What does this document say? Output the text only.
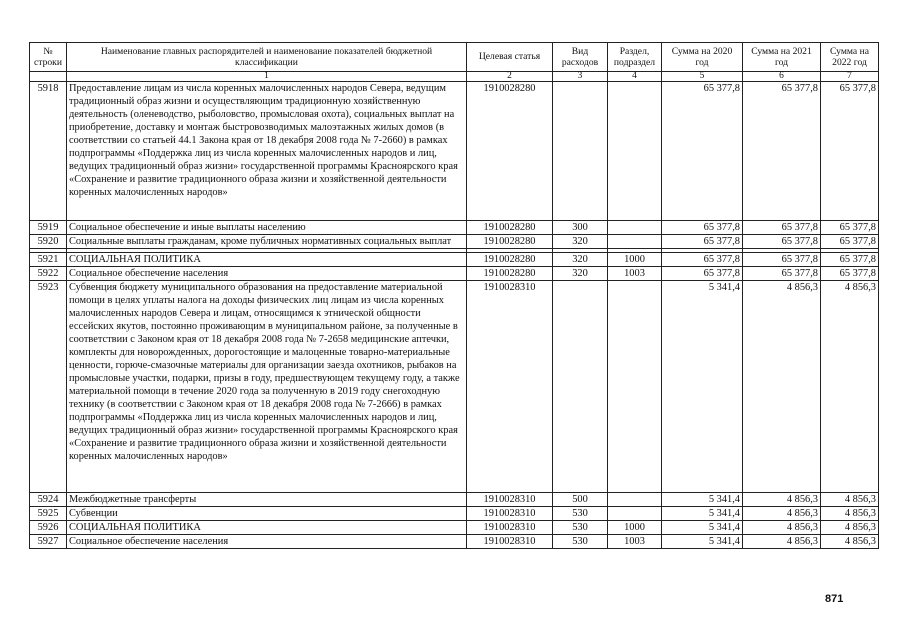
№ строки	Наименование главных распорядителей и наименование показателей бюджетной классификации	Целевая статья	Вид расходов	Раздел, подраздел	Сумма на 2020 год	Сумма на 2021 год	Сумма на 2022 год
	1	2	3	4	5	6	7
5918	Предоставление лицам из числа коренных малочисленных народов Севера, ведущим традиционный образ жизни и осуществляющим традиционную хозяйственную деятельность (оленеводство, рыболовство, промысловая охота), социальных выплат на приобретение, доставку и монтаж быстровозводимых малоэтажных жилых домов (в соответствии со статьей 44.1 Закона края от 18 декабря 2008 года № 7-2660) в рамках подпрограммы «Поддержка лиц из числа коренных малочисленных народов и лиц, ведущих традиционный образ жизни» государственной программы Красноярского края «Сохранение и развитие традиционного образа жизни и хозяйственной деятельности коренных малочисленных народов»	1910028280			65 377,8	65 377,8	65 377,8
5919	Социальное обеспечение и иные выплаты населению	1910028280	300		65 377,8	65 377,8	65 377,8
5920	Социальные выплаты гражданам, кроме публичных нормативных социальных выплат	1910028280	320		65 377,8	65 377,8	65 377,8

5921	СОЦИАЛЬНАЯ ПОЛИТИКА	1910028280	320	1000	65 377,8	65 377,8	65 377,8
5922	Социальное обеспечение населения	1910028280	320	1003	65 377,8	65 377,8	65 377,8
5923	Субвенция бюджету муниципального образования на предоставление материальной помощи в целях уплаты налога на доходы физических лиц лицам из числа коренных малочисленных народов Севера и лицам, относящимся к этнической общности ессейских якутов, постоянно проживающим в муниципальном районе, за полученные в соответствии с Законом края от 18 декабря 2008 года № 7-2658 медицинские аптечки, комплекты для новорожденных, дорогостоящие и малоценные товарно-материальные ценности, горюче-смазочные материалы для организации заезда охотников, рыбаков на промысловые участки, подарки, призы в году, предшествующем текущему году, а также материальной помощи в течение 2020 года за полученную в 2019 году снегоходную технику (в соответствии с Законом края от 18 декабря 2008 года № 7-2666) в рамках подпрограммы «Поддержка лиц из числа коренных малочисленных народов и лиц, ведущих традиционный образ жизни» государственной программы Красноярского края «Сохранение и развитие традиционного образа жизни и хозяйственной деятельности коренных малочисленных народов»	1910028310			5 341,4	4 856,3	4 856,3
5924	Межбюджетные трансферты	1910028310	500		5 341,4	4 856,3	4 856,3
5925	Субвенции	1910028310	530		5 341,4	4 856,3	4 856,3
5926	СОЦИАЛЬНАЯ ПОЛИТИКА	1910028310	530	1000	5 341,4	4 856,3	4 856,3
5927	Социальное обеспечение населения	1910028310	530	1003	5 341,4	4 856,3	4 856,3
871
